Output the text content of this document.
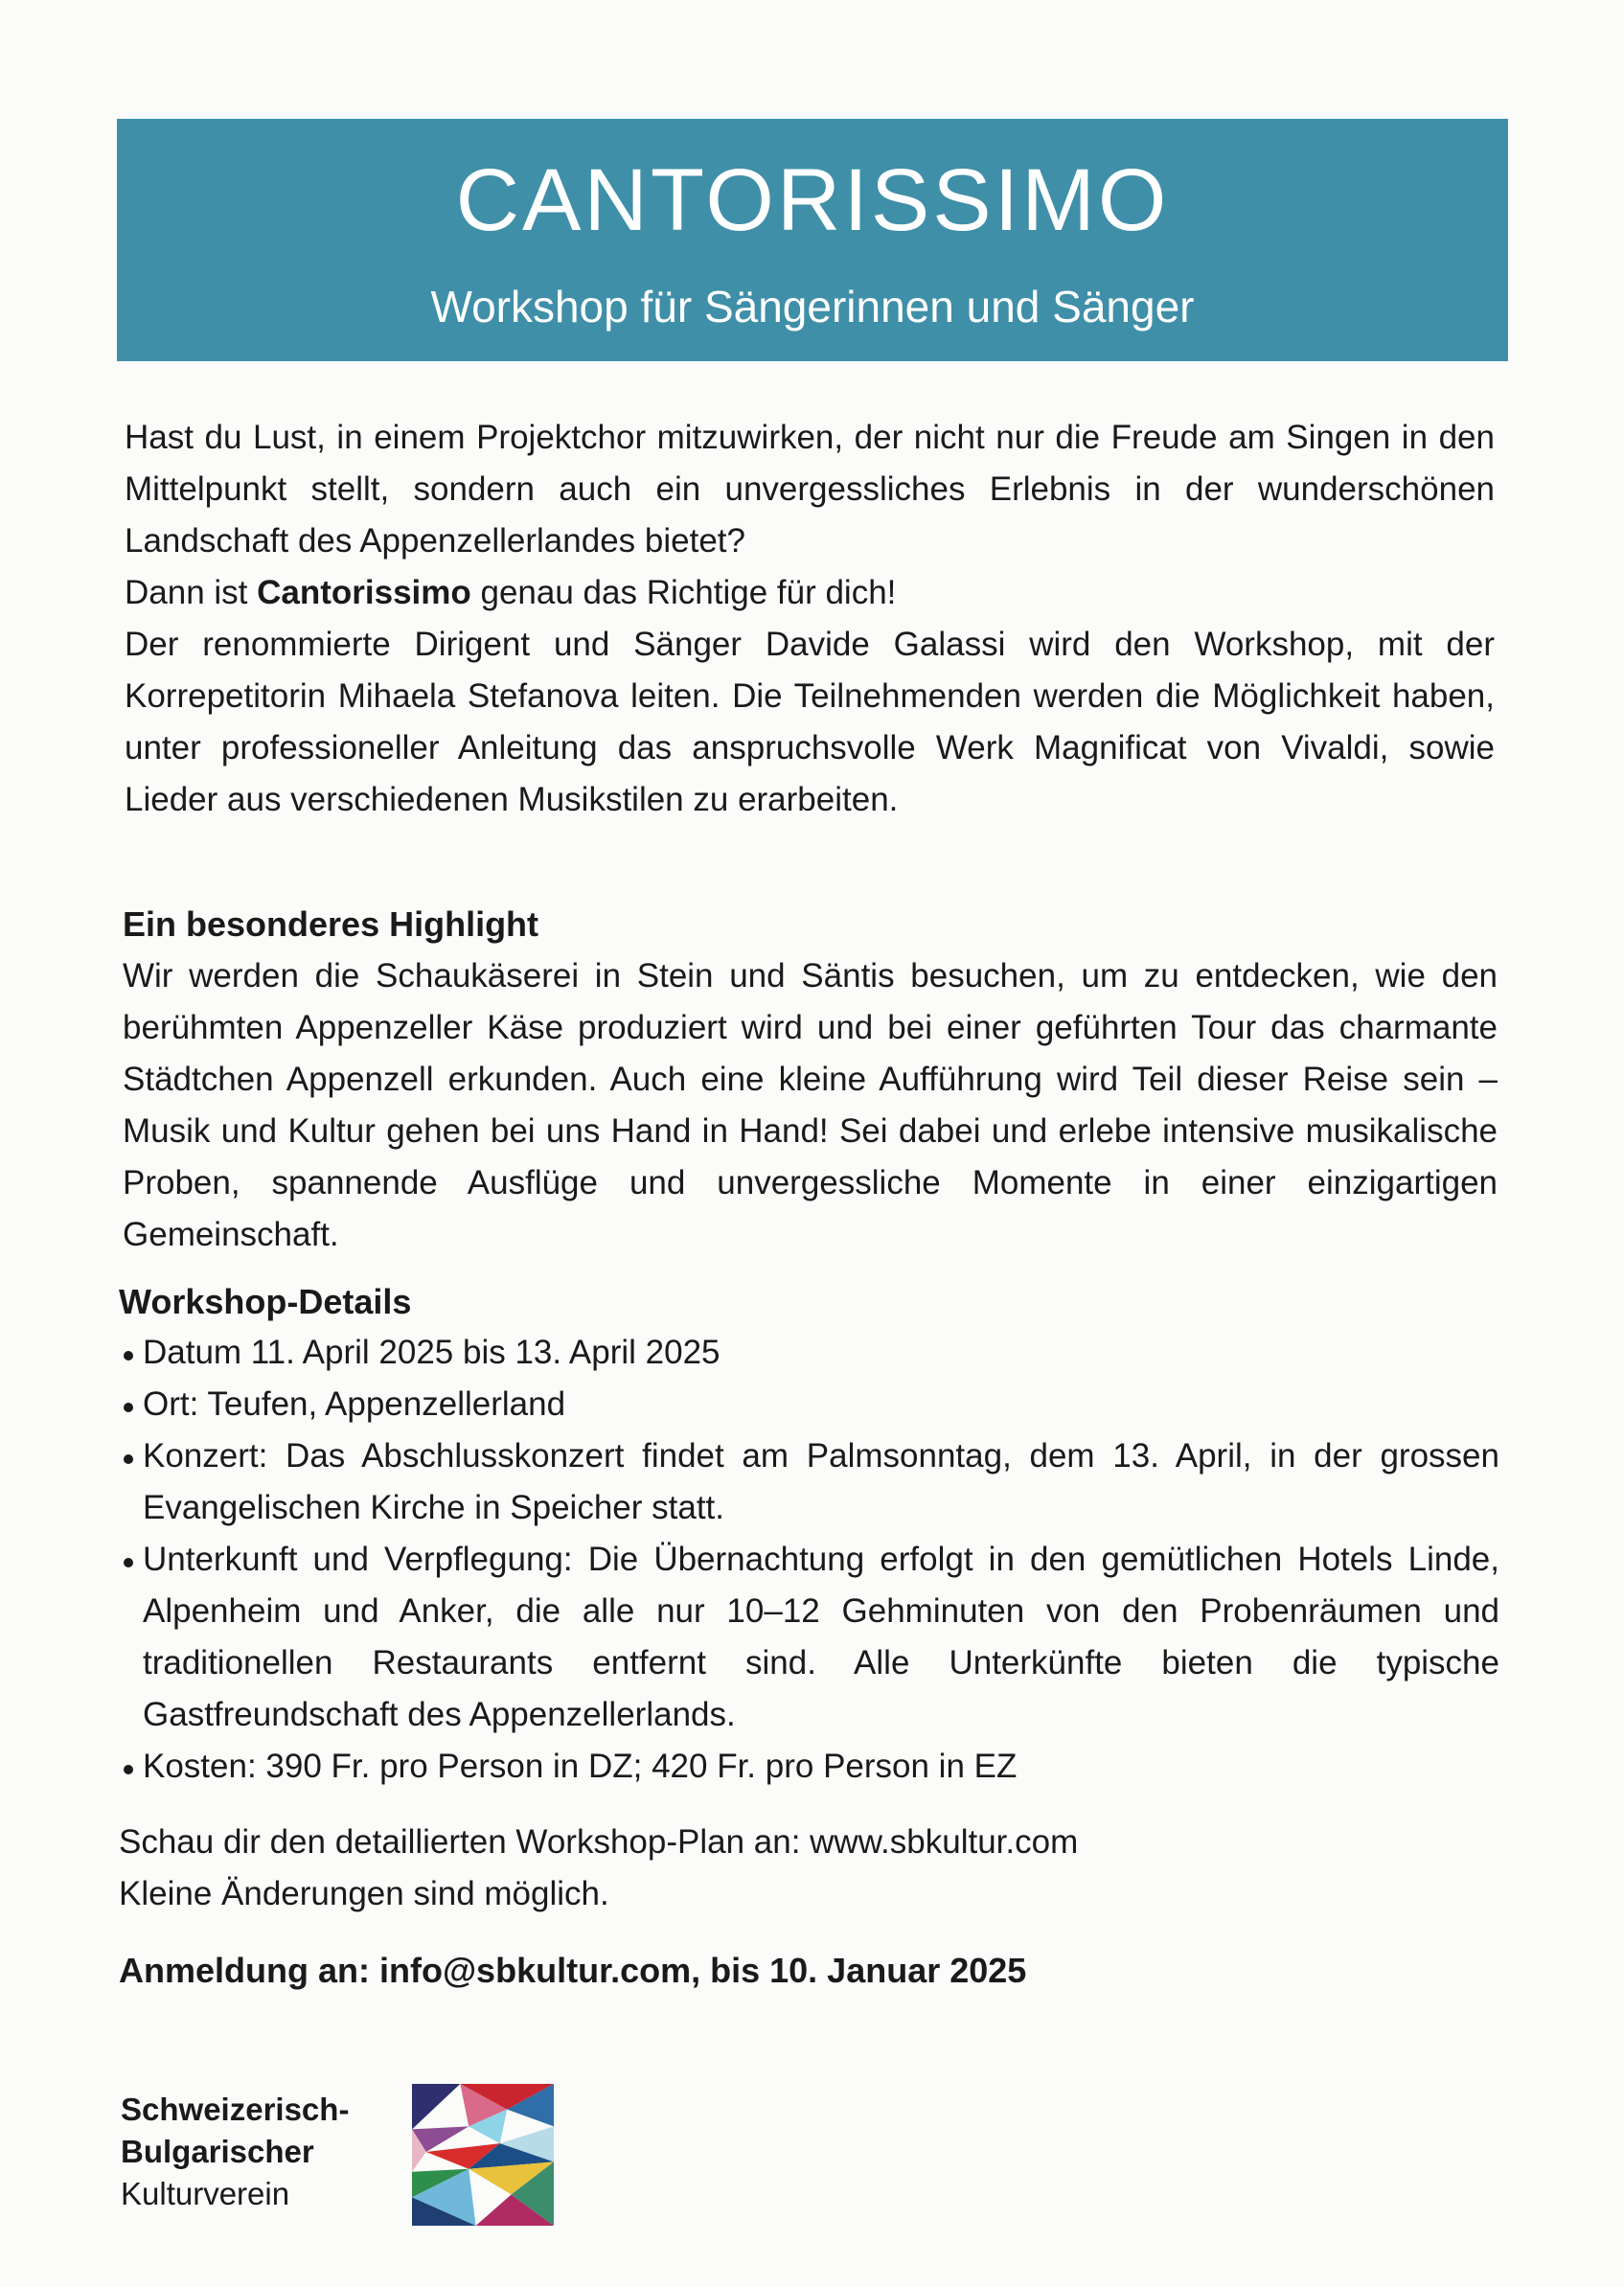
CANTORISSIMO
Workshop für Sängerinnen und Sänger

Hast du Lust, in einem Projektchor mitzuwirken, der nicht nur die Freude am Singen in den Mittelpunkt stellt, sondern auch ein unvergessliches Erlebnis in der wunderschönen Landschaft des Appenzellerlandes bietet?

Dann ist Cantorissimo genau das Richtige für dich!

Der renommierte Dirigent und Sänger Davide Galassi wird den Workshop, mit der Korrepetitorin Mihaela Stefanova leiten. Die Teilnehmenden werden die Möglichkeit haben, unter professioneller Anleitung das anspruchsvolle Werk Magnificat von Vivaldi, sowie Lieder aus verschiedenen Musikstilen zu erarbeiten.

Ein besonderes Highlight

Wir werden die Schaukäserei in Stein und Säntis besuchen, um zu entdecken, wie den berühmten Appenzeller Käse produziert wird und bei einer geführten Tour das charmante Städtchen Appenzell erkunden. Auch eine kleine Aufführung wird Teil dieser Reise sein – Musik und Kultur gehen bei uns Hand in Hand! Sei dabei und erlebe intensive musikalische Proben, spannende Ausflüge und unvergessliche Momente in einer einzigartigen Gemeinschaft.

Workshop-Details
Datum 11. April 2025 bis 13. April 2025
Ort: Teufen, Appenzellerland
Konzert: Das Abschlusskonzert findet am Palmsonntag, dem 13. April, in der grossen Evangelischen Kirche in Speicher statt.
Unterkunft und Verpflegung: Die Übernachtung erfolgt in den gemütlichen Hotels Linde, Alpenheim und Anker, die alle nur 10–12 Gehminuten von den Probenräumen und traditionellen Restaurants entfernt sind. Alle Unterkünfte bieten die typische Gastfreundschaft des Appenzellerlands.
Kosten: 390 Fr. pro Person in DZ; 420 Fr. pro Person in EZ

Schau dir den detaillierten Workshop-Plan an: www.sbkultur.com

Kleine Änderungen sind möglich.

Anmeldung an: info@sbkultur.com, bis 10. Januar 2025

Schweizerisch-
Bulgarischer
Kulturverein
